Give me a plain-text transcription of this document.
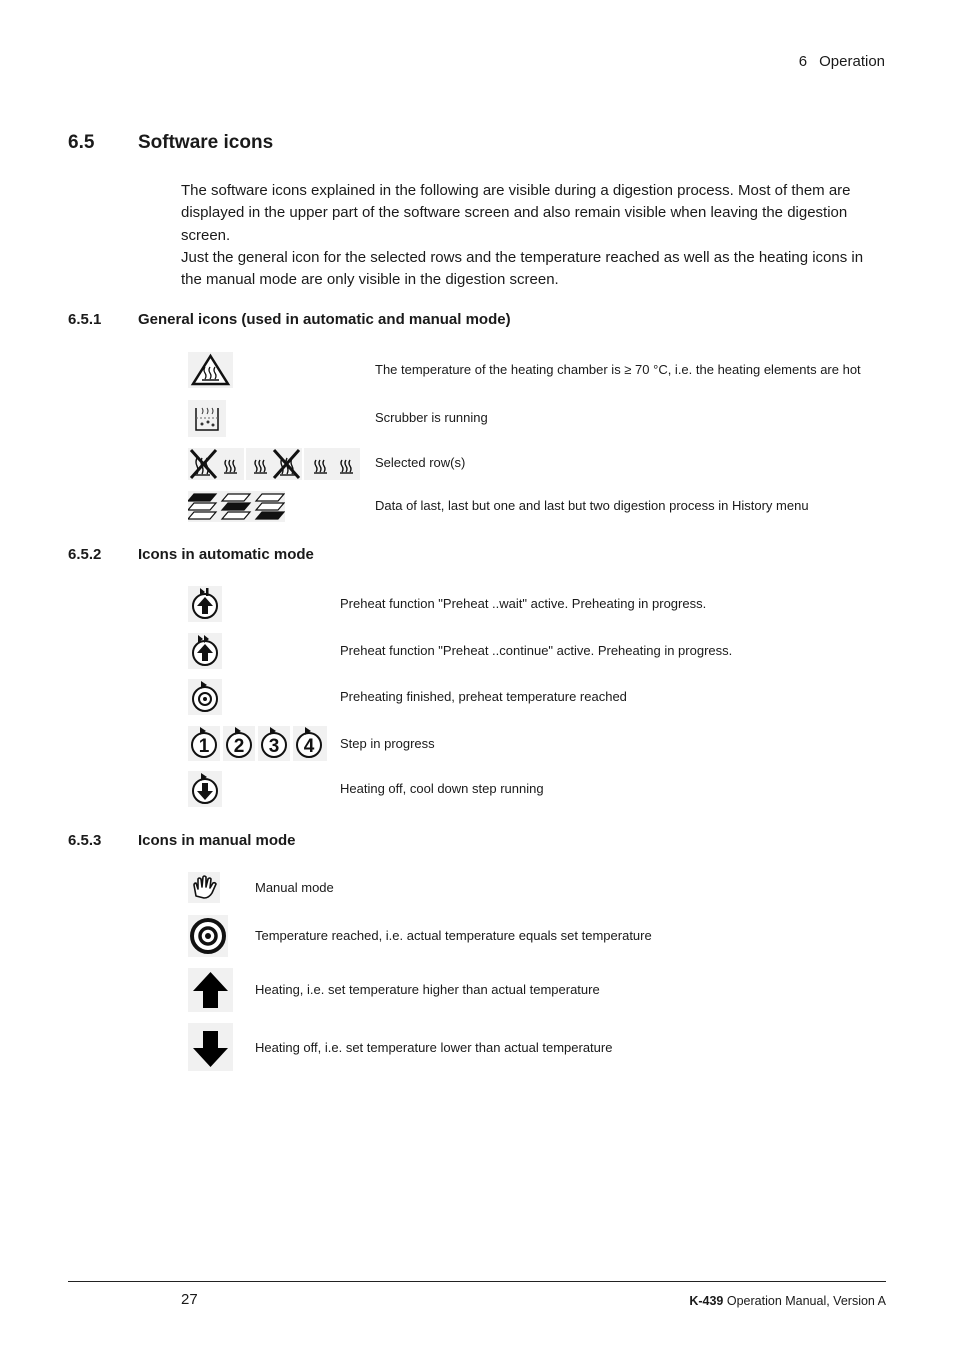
6 Operation
6.5 Software icons

The software icons explained in the following are visible during a digestion process. Most of them are displayed in the upper part of the software screen and also remain visible when leaving the digestion screen.

Just the general icon for the selected rows and the temperature reached as well as the heating icons in the manual mode are only visible in the digestion screen.

6.5.1 General icons (used in automatic and manual mode)
The temperature of the heating chamber is ≥ 70 °C, i.e. the heating elements are hot
Scrubber is running
Selected row(s)
Data of last, last but one and last but two digestion process in History menu
6.5.2 Icons in automatic mode
Preheat function "Preheat ..wait" active. Preheating in progress.
Preheat function "Preheat ..continue" active. Preheating in progress.
Preheating finished, preheat temperature reached
1 2 3 4 Step in progress
Heating off, cool down step running
6.5.3 Icons in manual mode
Manual mode
Temperature reached, i.e. actual temperature equals set temperature
Heating, i.e. set temperature higher than actual temperature
Heating off, i.e. set temperature lower than actual temperature
27	K-439 Operation Manual, Version A
